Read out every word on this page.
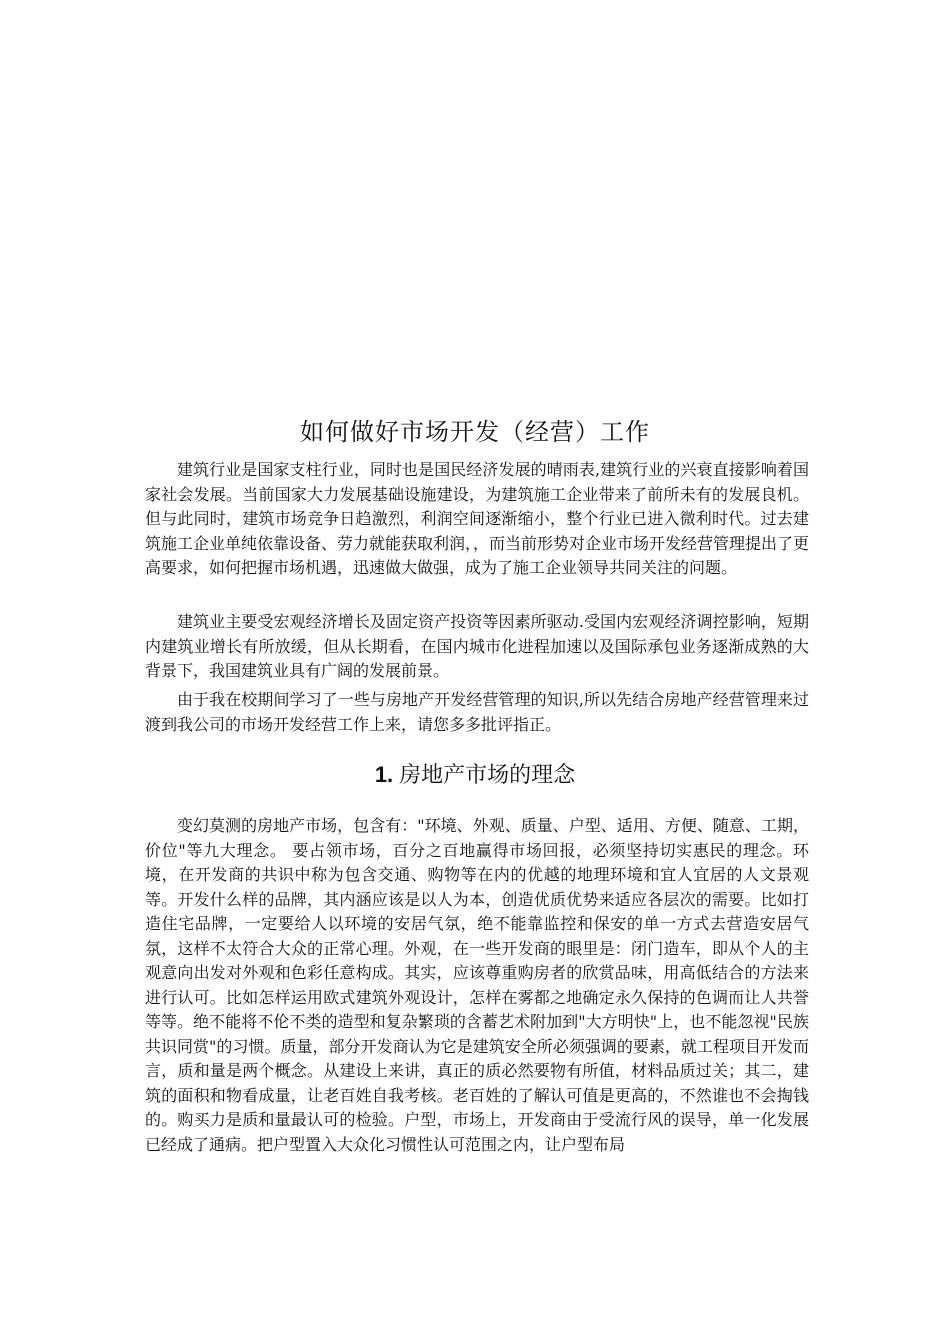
如何做好市场开发（经营）工作

建筑行业是国家支柱行业，同时也是国民经济发展的晴雨表,建筑行业的兴衰直接影响着国家社会发展。当前国家大力发展基础设施建设，为建筑施工企业带来了前所未有的发展良机。但与此同时，建筑市场竞争日趋激烈，利润空间逐渐缩小，整个行业已进入微利时代。过去建筑施工企业单纯依靠设备、劳力就能获取利润，，而当前形势对企业市场开发经营管理提出了更高要求，如何把握市场机遇，迅速做大做强，成为了施工企业领导共同关注的问题。

建筑业主要受宏观经济增长及固定资产投资等因素所驱动.受国内宏观经济调控影响，短期内建筑业增长有所放缓，但从长期看，在国内城市化进程加速以及国际承包业务逐渐成熟的大背景下，我国建筑业具有广阔的发展前景。

由于我在校期间学习了一些与房地产开发经营管理的知识,所以先结合房地产经营管理来过渡到我公司的市场开发经营工作上来，请您多多批评指正。

1. 房地产市场的理念

变幻莫测的房地产市场，包含有："环境、外观、质量、户型、适用、方便、随意、工期，价位"等九大理念。 要占领市场，百分之百地赢得市场回报，必须坚持切实惠民的理念。环境，在开发商的共识中称为包含交通、购物等在内的优越的地理环境和宜人宜居的人文景观等。开发什么样的品牌，其内涵应该是以人为本，创造优质优势来适应各层次的需要。比如打造住宅品牌，一定要给人以环境的安居气氛，绝不能靠监控和保安的单一方式去营造安居气氛，这样不太符合大众的正常心理。外观，在一些开发商的眼里是：闭门造车，即从个人的主观意向出发对外观和色彩任意构成。其实，应该尊重购房者的欣赏品味，用高低结合的方法来进行认可。比如怎样运用欧式建筑外观设计，怎样在雾都之地确定永久保持的色调而让人共誉等等。绝不能将不伦不类的造型和复杂繁琐的含蓄艺术附加到"大方明快"上，也不能忽视"民族共识同赏"的习惯。质量，部分开发商认为它是建筑安全所必须强调的要素，就工程项目开发而言，质和量是两个概念。从建设上来讲，真正的质必然要物有所值，材料品质过关；其二，建筑的面积和物看成量，让老百姓自我考核。老百姓的了解认可值是更高的，不然谁也不会掏钱的。购买力是质和量最认可的检验。户型，市场上，开发商由于受流行风的误导，单一化发展已经成了通病。把户型置入大众化习惯性认可范围之内，让户型布局
